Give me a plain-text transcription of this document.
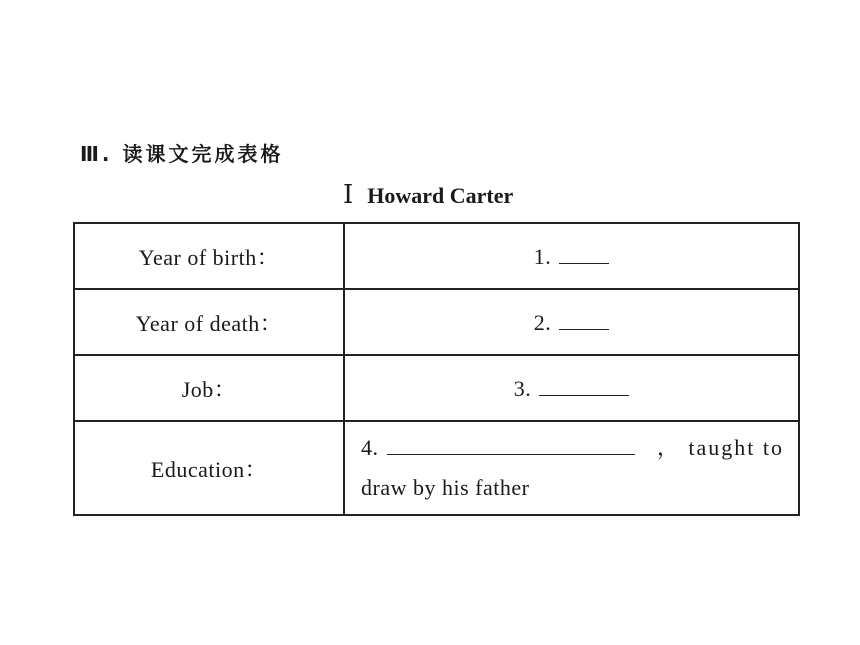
Ⅲ. 读课文完成表格
Ⅰ Howard Carter
Year of birth：	1.
Year of death：	2.
Job：	3.
Education：	4. ， taught to
draw by his father
